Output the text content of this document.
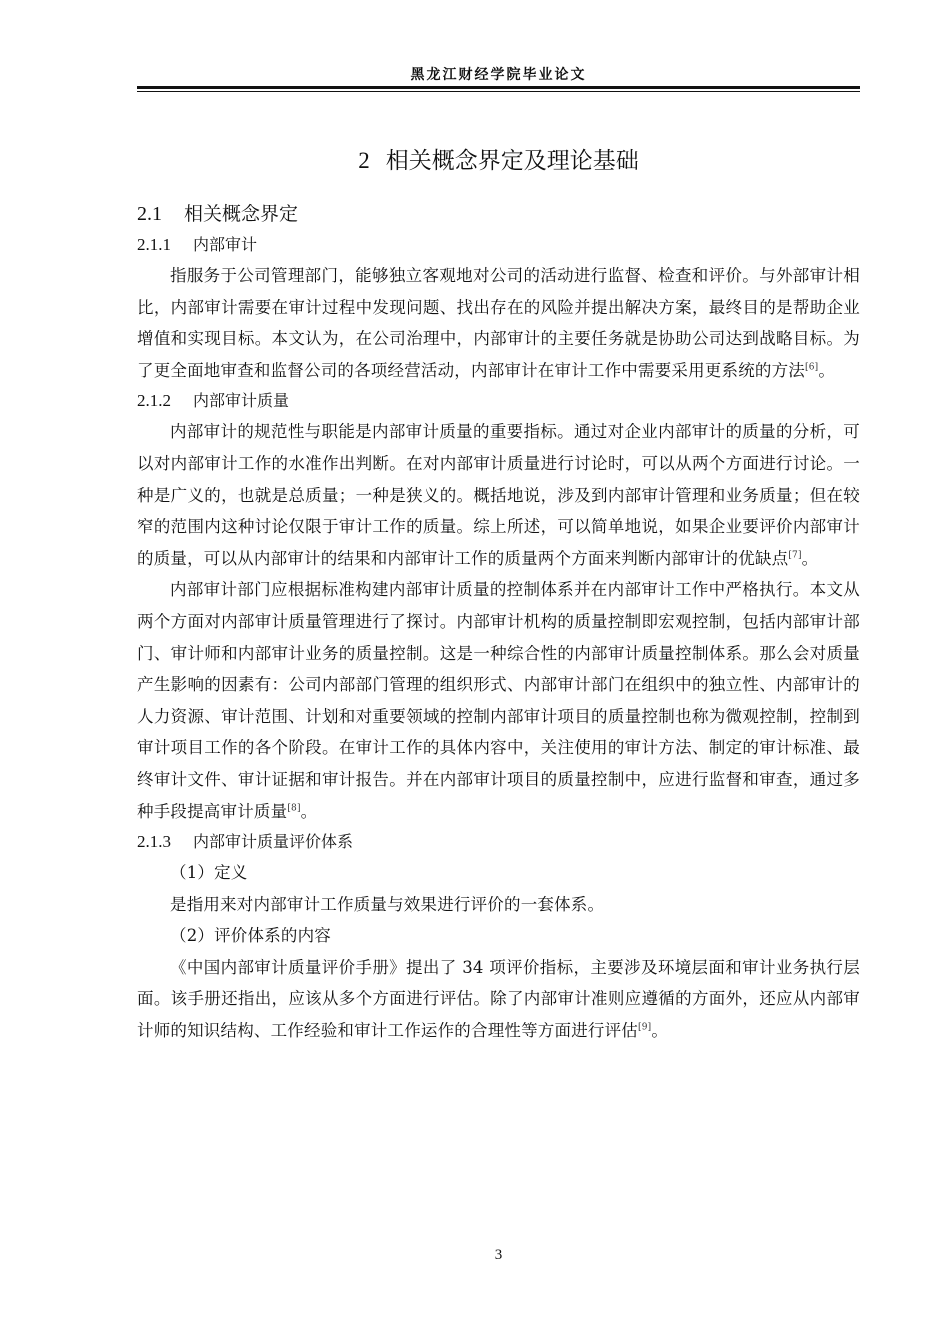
黑龙江财经学院毕业论文
2 相关概念界定及理论基础
2.1 相关概念界定
2.1.1 内部审计

指服务于公司管理部门，能够独立客观地对公司的活动进行监督、检查和评价。与外部审计相比，内部审计需要在审计过程中发现问题、找出存在的风险并提出解决方案，最终目的是帮助企业增值和实现目标。本文认为，在公司治理中，内部审计的主要任务就是协助公司达到战略目标。为了更全面地审查和监督公司的各项经营活动，内部审计在审计工作中需要采用更系统的方法[6]。

2.1.2 内部审计质量

内部审计的规范性与职能是内部审计质量的重要指标。通过对企业内部审计的质量的分析，可以对内部审计工作的水准作出判断。在对内部审计质量进行讨论时，可以从两个方面进行讨论。一种是广义的，也就是总质量；一种是狭义的。概括地说，涉及到内部审计管理和业务质量；但在较窄的范围内这种讨论仅限于审计工作的质量。综上所述，可以简单地说，如果企业要评价内部审计的质量，可以从内部审计的结果和内部审计工作的质量两个方面来判断内部审计的优缺点[7]。

内部审计部门应根据标准构建内部审计质量的控制体系并在内部审计工作中严格执行。本文从两个方面对内部审计质量管理进行了探讨。内部审计机构的质量控制即宏观控制，包括内部审计部门、审计师和内部审计业务的质量控制。这是一种综合性的内部审计质量控制体系。那么会对质量产生影响的因素有：公司内部部门管理的组织形式、内部审计部门在组织中的独立性、内部审计的人力资源、审计范围、计划和对重要领域的控制内部审计项目的质量控制也称为微观控制，控制到审计项目工作的各个阶段。在审计工作的具体内容中，关注使用的审计方法、制定的审计标准、最终审计文件、审计证据和审计报告。并在内部审计项目的质量控制中，应进行监督和审查，通过多种手段提高审计质量[8]。

2.1.3 内部审计质量评价体系

（1）定义

是指用来对内部审计工作质量与效果进行评价的一套体系。

（2）评价体系的内容

《中国内部审计质量评价手册》提出了 34 项评价指标，主要涉及环境层面和审计业务执行层面。该手册还指出，应该从多个方面进行评估。除了内部审计准则应遵循的方面外，还应从内部审计师的知识结构、工作经验和审计工作运作的合理性等方面进行评估[9]。

3
